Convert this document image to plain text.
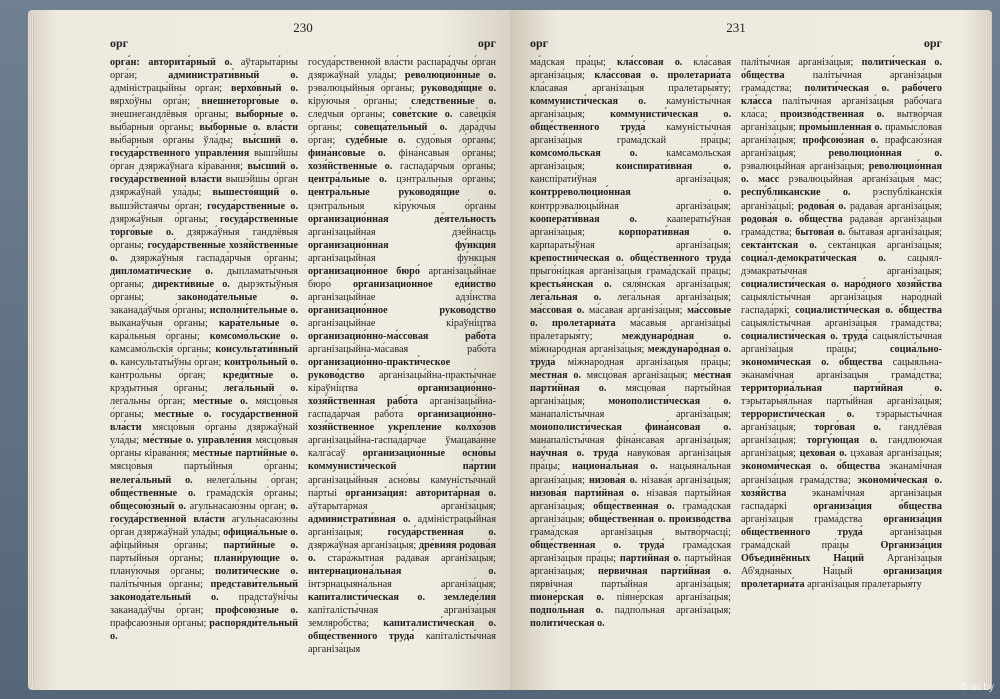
230
орг	орг

орга́н: авторита́рный о. аўтарыта́рны орга́н;	администрати́вный о. адміністрацы́йны орга́н; верхо́вный о. вярхо́ўны орга́н; внешнеторго́вые о. знешнегандлёвыя о́рганы; вы́борные о. вы́барныя о́рганы; вы́борные о. вла́сти вы́барныя о́рганы ўла́ды; вы́сший о. госуда́рственного управле́ния вышэ́йшы о́рган дзяржа́ўнага кірава́ння; вы́сший о. госуда́рственной вла́сти вышэ́йшы о́рган дзяржа́ўнай ула́ды; вышесто́ящий о. вышэ́йстаячы о́рган; госуда́рственные о. дзяржа́ўныя о́рганы; госуда́рственные торго́вые о. дзяржа́ўныя гандлёвыя о́рганы; госуда́рственные хозя́йственные о. дзяржа́ўныя гаспада́рчыя о́рганы; дипломати́ческие о. дыпламаты́чныя о́рганы; директи́вные о. дырэкты́ўныя о́рганы;	законода́тельные о. заканада́ўчыя о́рганы; исполни́тельные о. выканаўчыя о́рганы; кара́тельные о. кара́льныя о́рганы; комсомо́льские о. камсамо́льскія о́рганы; консультати́вный о. кансультаты́ўны о́рган; контро́льный о. кантро́льны о́рган; креди́тные о. крэдытныя о́рганы; лега́льный о. лега́льны о́рган; ме́стные о. мясцо́выя о́рганы; ме́стные о. госуда́рственной вла́сти мясцо́выя о́рганы дзяржа́ўнай ула́ды; ме́стные о. управле́ния мясцо́выя о́рганы кірава́ння; ме́стные парти́йные о. мясцо́выя парты́йныя о́рганы; нелега́льный о. нелега́льны о́рган; обще́ственные о. грама́дскія о́рганы; общесою́зный о. агульнасаю́зны о́рган; о. госуда́рственной вла́сти агульнасаю́зны о́рган дзяржа́ўнай ула́ды; официа́льные о. афіцы́йныя о́рганы; парти́йные о. парты́йныя о́рганы; плани́рующие о. плану́ючыя о́рганы; полити́ческие о. паліты́чныя о́рганы; представи́тельный законода́тельный о. прадстаўні́чы заканада́ўчы о́рган; профсою́зные о. прафсаю́зныя о́рганы; распоряди́тельный о.

госуда́рственной вла́сти распара́дчы о́рган дзяржа́ўнай ула́ды; революцио́нные о. рэвалюцыйныя о́рганы; руководя́щие о. кіру́ючыя о́рганы; сле́дственные о. сле́дчыя о́рганы; сове́тские о. саве́цкія о́рганы; совеща́тельный о. дара́дчы о́рган; суде́бные о. судо́выя о́рганы; фина́нсовые о. фіна́нсавыя о́рганы; хозя́йственные о. гаспада́рчыя о́рганы; центра́льные о. цэнтра́льныя о́рганы; центра́льные руководя́щие о. цэнтра́льныя кіру́ючыя о́рганы организацио́нная де́ятельность арганізацы́йная дзе́йнасць организацио́нная фу́нкция арганізацы́йная фу́нкцыя организацио́нное бюро́ арганізацы́йнае бюро́ организацио́нное еди́нство арганізацы́йнае адзі́нства организацио́нное руково́дство арганізацы́йнае кіраўні́цтва организацио́нно-ма́ссовая рабо́та арганізацы́йна-ма́савая рабо́та организацио́нно-практи́ческое руково́дство арганізацы́йна-практы́чнае кіраўні́цтва	организацио́нно-хозя́йственная рабо́та арганізацы́йна-гаспада́рчая рабо́та организацио́нно-хозя́йственное укрепле́ние колхо́зов арганізацы́йна-гаспада́рчае ўмацава́нне калга́саў организацио́нные осно́вы коммунисти́ческой па́ртии арганізацы́йныя асно́вы камуністы́чнай па́ртыі организа́ция: авторита́рная о. аўтарыта́рная арганіза́цыя; администрати́вная о. адміністрацы́йная арганіза́цыя; госуда́рственная о. дзяржа́ўная арганіза́цыя; дре́вняя родова́я о. стара́жытная радава́я арганіза́цыя; интернациона́льная о. інтэрнацыяна́льная арганіза́цыя; капиталисти́ческая о. земледе́лия капіталісты́чная арганіза́цыя земляро́бства; капиталисти́ческая о. обще́ственного труда́ капіталісты́чная арганіза́цыя

231
орг	орг

ма́дская пра́цы; кла́ссовая о. кла́савая арганіза́цыя; кла́ссовая о. пролетариа́та кла́савая арганіза́цыя пралетарыя́ту; коммунисти́ческая о. камуністы́чная арганіза́цыя; коммунисти́ческая о. обще́ственного труда́ камуністы́чная арганіза́цыя грама́дскай пра́цы; комсомо́льская о. камсамо́льская арганіза́цыя;	конспирати́вная о. канспірати́ўная арганіза́цыя; контрреволюцио́нная о. контррэвалюцы́йная арганіза́цыя; кооперати́вная о. кааператы́ўная арганіза́цыя;	корпорати́вная о. карпараты́ўная арганіза́цыя; крепостни́ческая о. обще́ственного труда́ прыго́ніцкая арганіза́цыя грама́дскай пра́цы; крестья́нская о. сяля́нская арганіза́цыя; лега́льная о. лега́льная арганіза́цыя; ма́ссовая о. ма́савая арганіза́цыя; ма́ссовые о. пролетариа́та ма́савыя арганіза́цыі пралетарыя́ту;	междунаро́дная о. міжнаро́дная арганіза́цыя; междунаро́дная о. труда́ міжнаро́дная арганіза́цыя пра́цы; ме́стная о. мясцо́вая арганіза́цыя; ме́стная парти́йная о. мясцо́вая парты́йная арганіза́цыя; монополисти́ческая о. манапалісты́чная арганіза́цыя; монополисти́ческая фина́нсовая о. манапалісты́чная фіна́нсавая арганіза́цыя; нау́чная о. труда́ навуко́вая арганіза́цыя пра́цы; национа́льная о. нацыяна́льная арганіза́цыя; низова́я о. нізава́я арганіза́цыя; низова́я парти́йная о. нізава́я парты́йная арганіза́цыя; обще́ственная о. грама́дская арганіза́цыя; обще́ственная о. произво́дства грама́дская арганіза́цыя вытво́рчасці; обще́ственная о. труда́ грама́дская арганіза́цыя пра́цы; парти́йная о. парты́йная арганіза́цыя; первичная парти́йная о. пярвічная парты́йная арганіза́цыя; пионе́рская о. піяне́рская арганіза́цыя; подпо́льная о. падпо́льная арганіза́цыя; полити́ческая о.

паліты́чная арганіза́цыя; полити́ческая о. о́бщества паліты́чная арганіза́цыя грама́дства; полити́ческая о. рабо́чего кла́сса паліты́чная арганіза́цыя рабо́чага кла́са; произво́дственная о. вытво́рчая арганіза́цыя; промы́шленная о. прамы́словая арганіза́цыя; профсою́зная о. прафсаю́зная арганіза́цыя;	революцио́нная о. рэвалюцы́йная арганіза́цыя; революцио́нная о. масс рэвалюцы́йная арганіза́цыя мас; респу́бликанские о. рэспубліка́нскія арганіза́цыі; родова́я о. радава́я арганіза́цыя; родова́я о. о́бщества радава́я арганіза́цыя грама́дства; бытова́я о. бытава́я арганіза́цыя; секта́нтская о. секта́нцкая арганіза́цыя; социа́л-демократи́ческая о. сацыял-дэмакраты́чная арганіза́цыя; социалисти́ческая о. наро́дного хозя́йства сацыялісты́чная арганіза́цыя наро́днай гаспада́ркі; социалисти́ческая о. о́бщества сацыялісты́чная арганіза́цыя грама́дства; социалисти́ческая о. труда́ сацыялісты́чная арганіза́цыя пра́цы;	социа́льно-экономи́ческая о. о́бщества сацыя́льна-эканамі́чная арганіза́цыя грама́дства; территориа́льная парти́йная о. тэрытарыя́льная парты́йная арганіза́цыя; террористи́ческая о. тэрарысты́чная арганіза́цыя; торго́вая о. гандлёвая арганіза́цыя; торгу́ющая о. гандлю́ючая арганіза́цыя; цехова́я о. цэхава́я арганіза́цыя; экономи́ческая о. о́бщества эканамі́чная арганіза́цыя грама́дства; экономи́ческая о. хозя́йства эканамі́чная арганіза́цыя гаспада́ркі	организа́ция о́бщества арганіза́цыя грама́дства организа́ция обще́ственного труда́ арганіза́цыя грама́дскай пра́цы	Организа́ция Объединённых На́ций Арганіза́цыя Аб'ядна́ных На́цый	организа́ция пролетариа́та арганіза́цыя пралетарыя́ту

© av.by
